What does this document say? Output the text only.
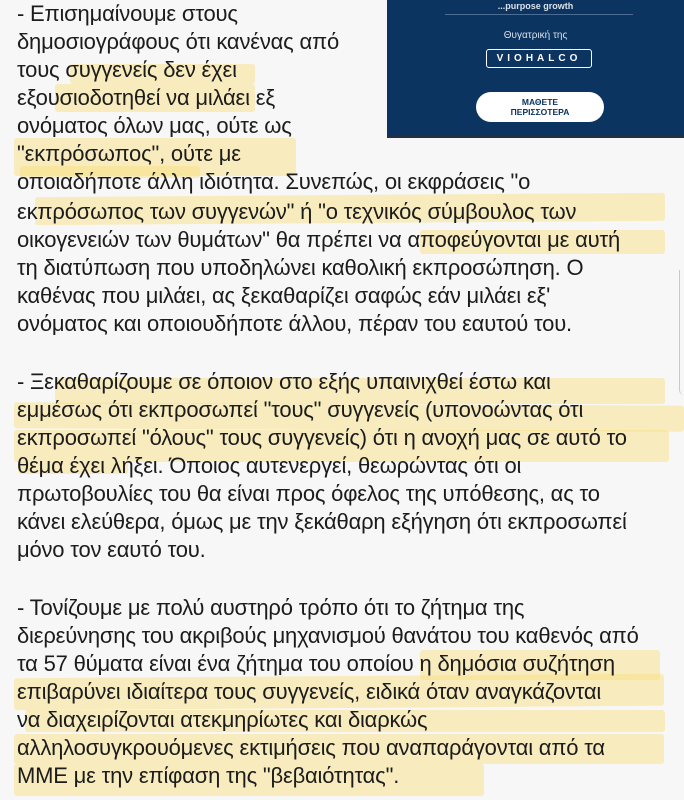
- Επισημαίνουμε στους
δημοσιογράφους ότι κανένας από
τους συγγενείς δεν έχει
εξουσιοδοτηθεί να μιλάει εξ
ονόματος όλων μας, ούτε ως
"εκπρόσωπος", ούτε με
οποιαδήποτε άλλη ιδιότητα. Συνεπώς, οι εκφράσεις "ο
εκπρόσωπος των συγγενών" ή "ο τεχνικός σύμβουλος των
οικογενειών των θυμάτων" θα πρέπει να αποφεύγονται με αυτή
τη διατύπωση που υποδηλώνει καθολική εκπροσώπηση. Ο
καθένας που μιλάει, ας ξεκαθαρίζει σαφώς εάν μιλάει εξ'
ονόματος και οποιουδήποτε άλλου, πέραν του εαυτού του.
- Ξεκαθαρίζουμε σε όποιον στο εξής υπαινιχθεί έστω και
εμμέσως ότι εκπροσωπεί "τους" συγγενείς (υπονοώντας ότι
εκπροσωπεί "όλους" τους συγγενείς) ότι η ανοχή μας σε αυτό το
θέμα έχει λήξει. Όποιος αυτενεργεί, θεωρώντας ότι οι
πρωτοβουλίες του θα είναι προς όφελος της υπόθεσης, ας το
κάνει ελεύθερα, όμως με την ξεκάθαρη εξήγηση ότι εκπροσωπεί
μόνο τον εαυτό του.
- Τονίζουμε με πολύ αυστηρό τρόπο ότι το ζήτημα της
διερεύνησης του ακριβούς μηχανισμού θανάτου του καθενός από
τα 57 θύματα είναι ένα ζήτημα του οποίου η δημόσια συζήτηση
επιβαρύνει ιδιαίτερα τους συγγενείς, ειδικά όταν αναγκάζονται
να διαχειρίζονται ατεκμηρίωτες και διαρκώς
αλληλοσυγκρουόμενες εκτιμήσεις που αναπαράγονται από τα
ΜΜΕ με την επίφαση της "βεβαιότητας".
...purpose growth
Θυγατρική της
VIOHALCO
ΜΑΘΕΤΕ
ΠΕΡΙΣΣΟΤΕΡΑ
